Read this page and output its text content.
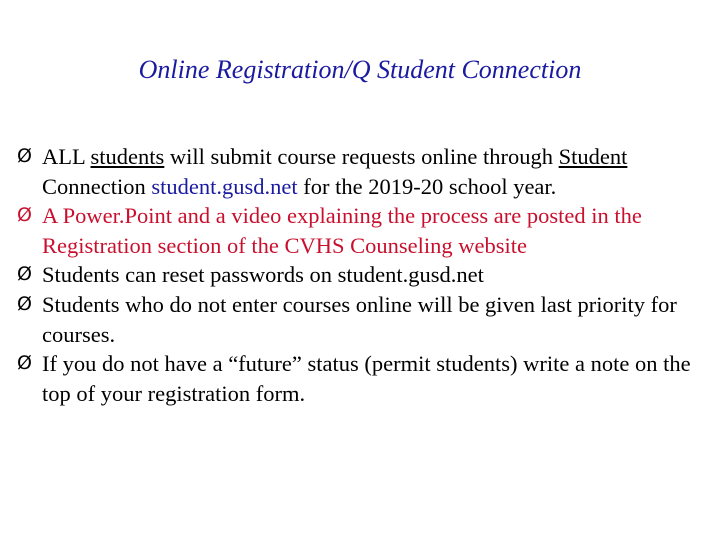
Online Registration/Q Student Connection
Ø ALL students will submit course requests online through Student Connection student.gusd.net for the 2019-20 school year.
Ø A Power.Point and a video explaining the process are posted in the Registration section of the CVHS Counseling website
Ø Students can reset passwords on student.gusd.net
Ø Students who do not enter courses online will be given last priority for courses.
Ø If you do not have a “future” status (permit students) write a note on the top of your registration form.
